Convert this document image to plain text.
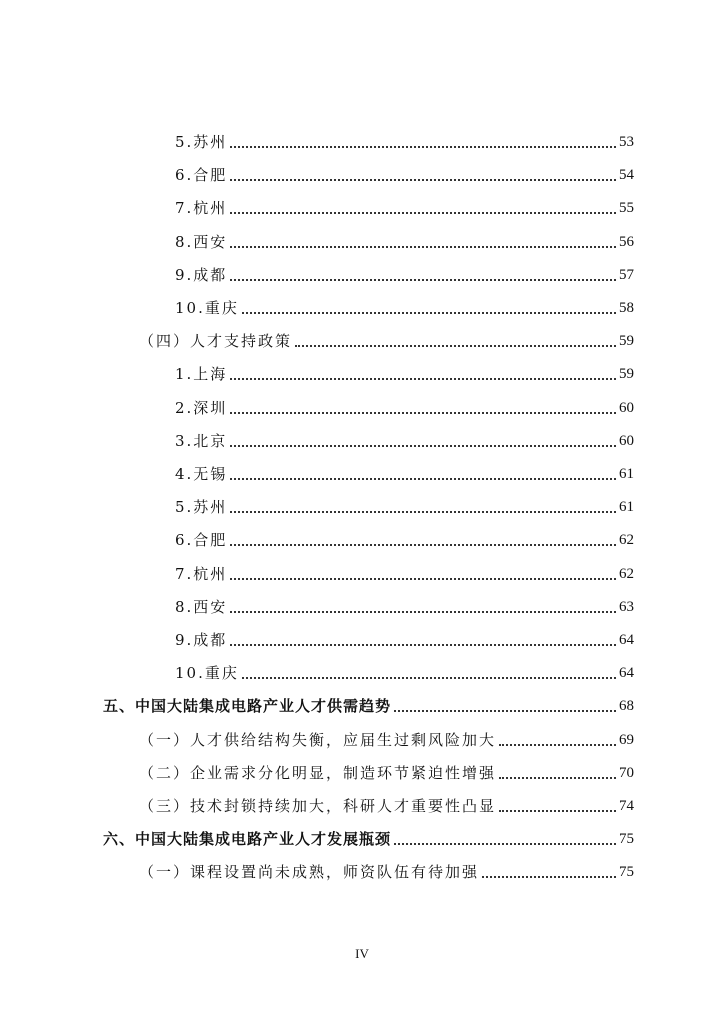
5.苏州	53
6.合肥	54
7.杭州	55
8.西安	56
9.成都	57
10.重庆	58
（四）人才支持政策	59
1.上海	59
2.深圳	60
3.北京	60
4.无锡	61
5.苏州	61
6.合肥	62
7.杭州	62
8.西安	63
9.成都	64
10.重庆	64
五、中国大陆集成电路产业人才供需趋势	68
（一）人才供给结构失衡，应届生过剩风险加大	69
（二）企业需求分化明显，制造环节紧迫性增强	70
（三）技术封锁持续加大，科研人才重要性凸显	74
六、中国大陆集成电路产业人才发展瓶颈	75
（一）课程设置尚未成熟，师资队伍有待加强	75
IV
